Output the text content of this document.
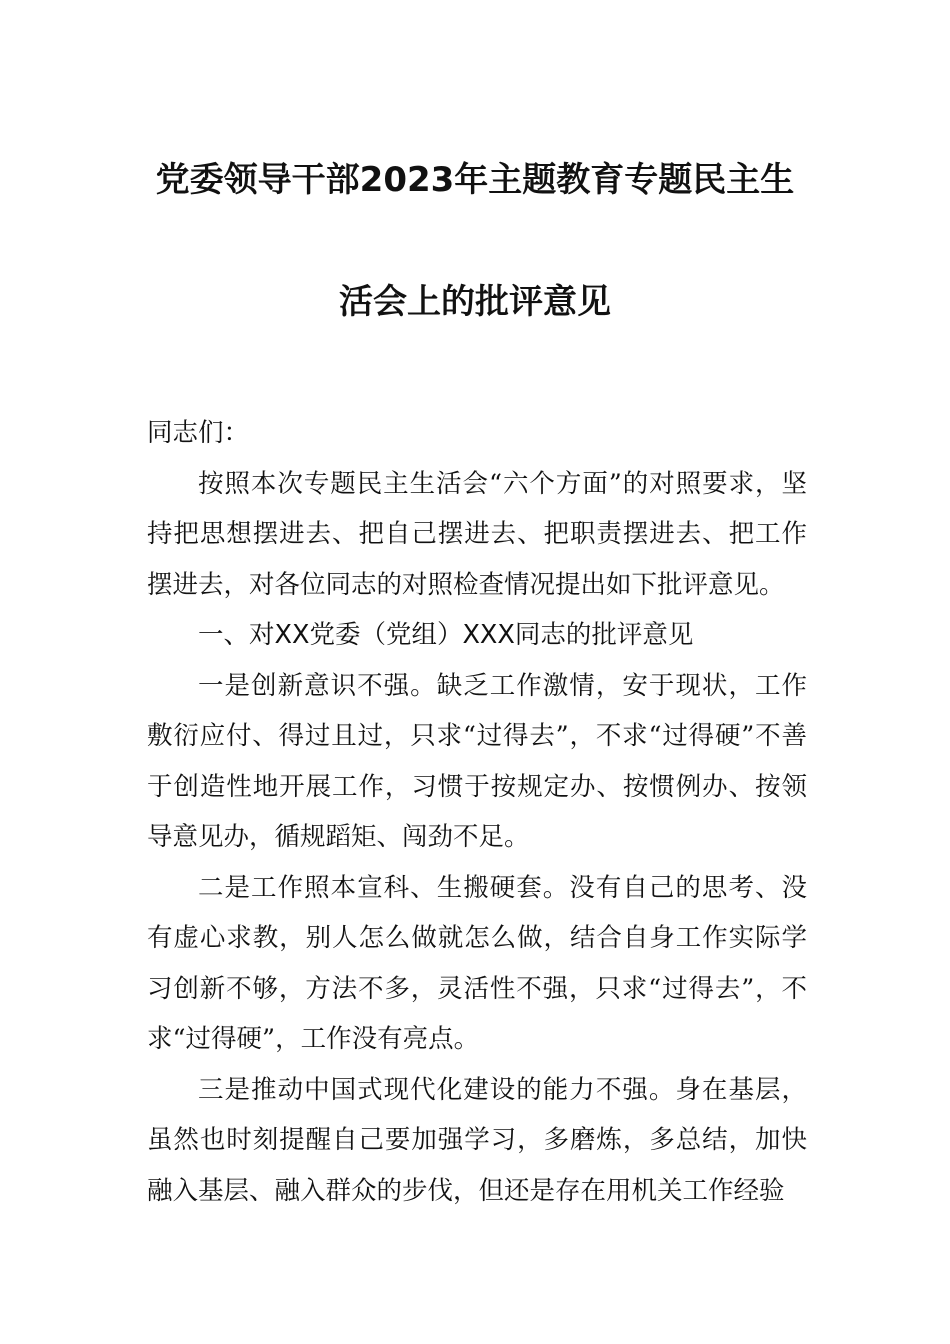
党委领导干部2023年主题教育专题民主生
活会上的批评意见

同志们：

按照本次专题民主生活会“六个方面”的对照要求，坚持把思想摆进去、把自己摆进去、把职责摆进去、把工作摆进去，对各位同志的对照检查情况提出如下批评意见。

一、对XX党委（党组）XXX同志的批评意见

一是创新意识不强。缺乏工作激情，安于现状，工作敷衍应付、得过且过，只求“过得去”，不求“过得硬”不善于创造性地开展工作，习惯于按规定办、按惯例办、按领导意见办，循规蹈矩、闯劲不足。

二是工作照本宣科、生搬硬套。没有自己的思考、没有虚心求教，别人怎么做就怎么做，结合自身工作实际学习创新不够，方法不多，灵活性不强，只求“过得去”，不求“过得硬”，工作没有亮点。

三是推动中国式现代化建设的能力不强。身在基层，虽然也时刻提醒自己要加强学习，多磨炼，多总结，加快融入基层、融入群众的步伐，但还是存在用机关工作经验
